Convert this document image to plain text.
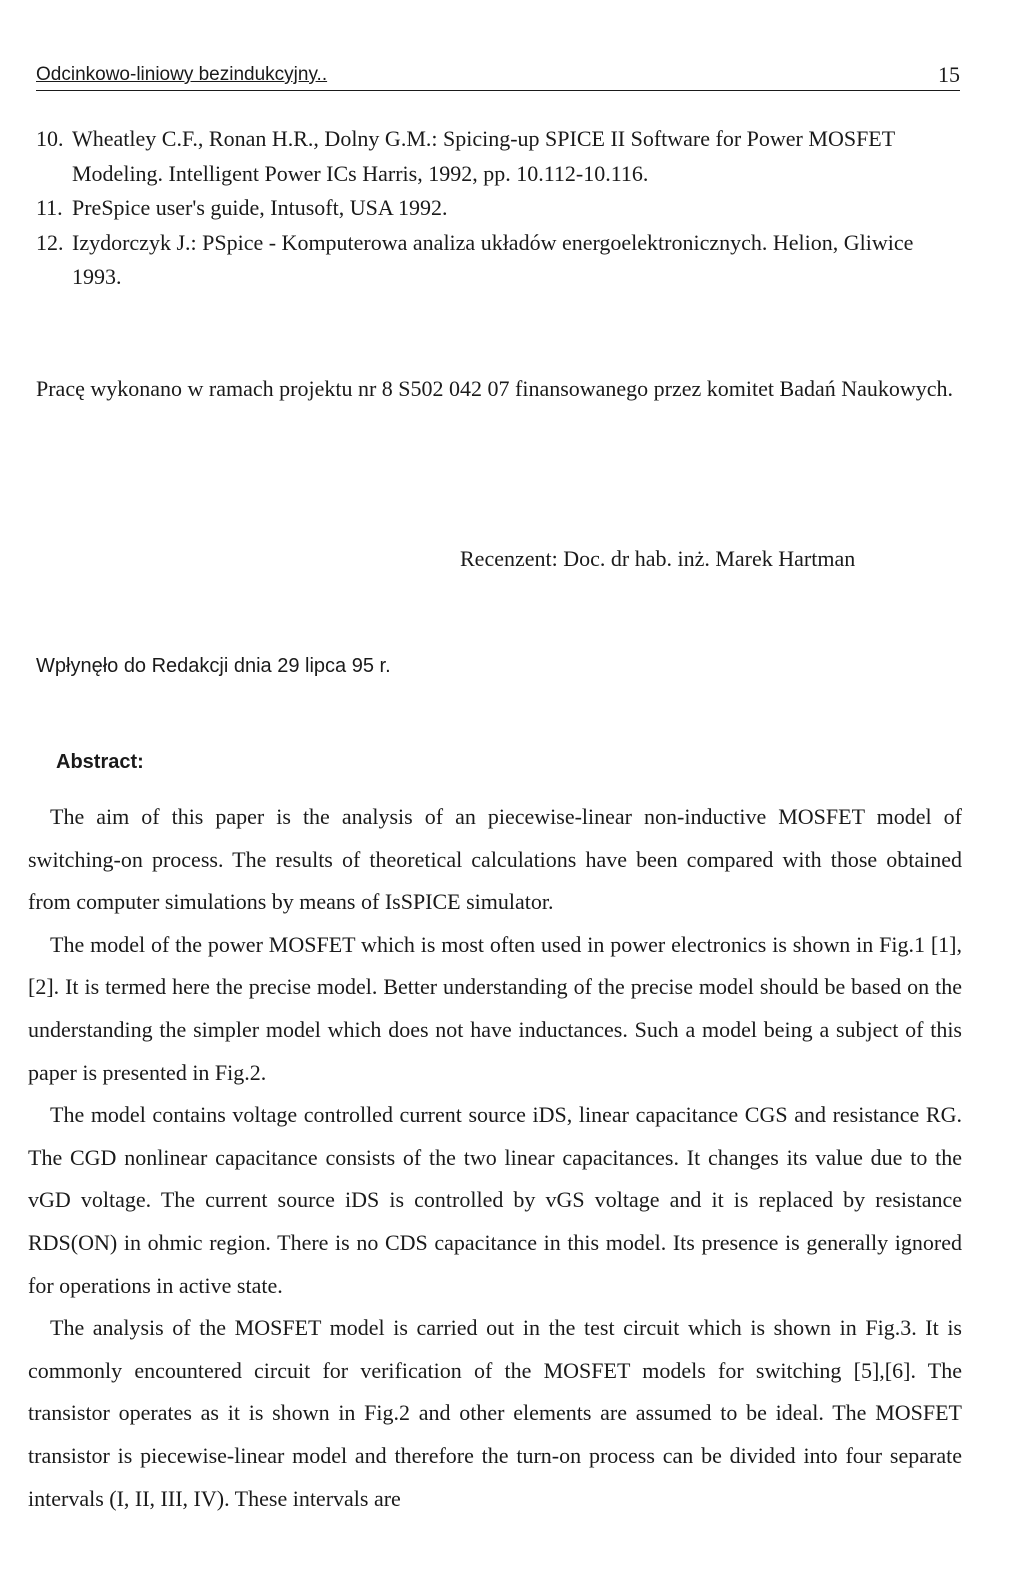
Odcinkowo-liniowy bezindukcyjny..	15
10. Wheatley C.F., Ronan H.R., Dolny G.M.: Spicing-up SPICE II Software for Power MOSFET Modeling. Intelligent Power ICs Harris, 1992, pp. 10.112-10.116.
11. PreSpice user's guide, Intusoft, USA 1992.
12. Izydorczyk J.: PSpice - Komputerowa analiza układów energoelektronicznych. Helion, Gliwice 1993.
Pracę wykonano w ramach projektu nr 8 S502 042 07 finansowanego przez komitet Badań Naukowych.
Recenzent: Doc. dr hab. inż. Marek Hartman
Wpłynęło do Redakcji dnia 29 lipca 95 r.
Abstract:

The aim of this paper is the analysis of an piecewise-linear non-inductive MOSFET model of switching-on process. The results of theoretical calculations have been compared with those obtained from computer simulations by means of IsSPICE simulator.

The model of the power MOSFET which is most often used in power electronics is shown in Fig.1 [1],[2]. It is termed here the precise model. Better understanding of the precise model should be based on the understanding the simpler model which does not have inductances. Such a model being a subject of this paper is presented in Fig.2.

The model contains voltage controlled current source iDS, linear capacitance CGS and resistance RG. The CGD nonlinear capacitance consists of the two linear capacitances. It changes its value due to the vGD voltage. The current source iDS is controlled by vGS voltage and it is replaced by resistance RDS(ON) in ohmic region. There is no CDS capacitance in this model. Its presence is generally ignored for operations in active state.

The analysis of the MOSFET model is carried out in the test circuit which is shown in Fig.3. It is commonly encountered circuit for verification of the MOSFET models for switching [5],[6]. The transistor operates as it is shown in Fig.2 and other elements are assumed to be ideal. The MOSFET transistor is piecewise-linear model and therefore the turn-on process can be divided into four separate intervals (I, II, III, IV). These intervals are
